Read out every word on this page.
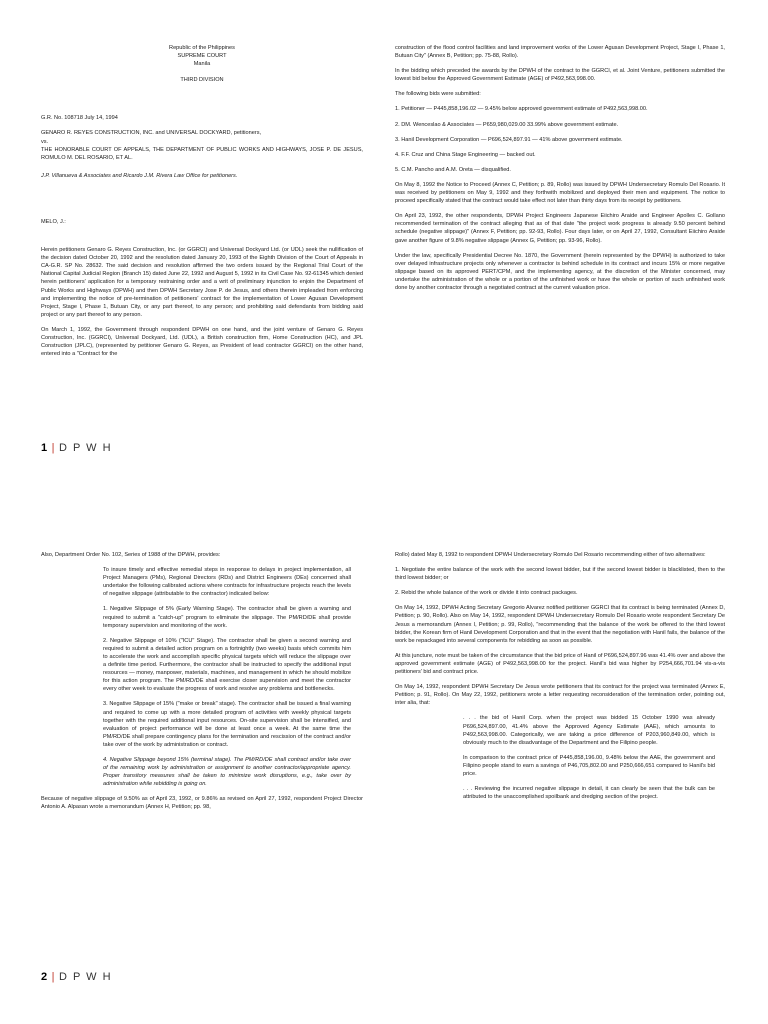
Republic of the Philippines

SUPREME COURT

Manila

THIRD DIVISION

G.R. No. 108718 July 14, 1994

GENARO R. REYES CONSTRUCTION, INC. and UNIVERSAL DOCKYARD, petitioners,

vs.

THE HONORABLE COURT OF APPEALS, THE DEPARTMENT OF PUBLIC WORKS AND HIGHWAYS, JOSE P. DE JESUS, ROMULO M. DEL ROSARIO, ET AL.

J.P. Villanueva & Associates and Ricardo J.M. Rivera Law Office for petitioners.

MELO, J.:

Herein petitioners Genaro G. Reyes Construction, Inc. (or GGRCI) and Universal Dockyard Ltd. (or UDL) seek the nullification of the decision dated October 20, 1992 and the resolution dated January 20, 1993 of the Eighth Division of the Court of Appeals in CA-G.R. SP No. 28632. The said decision and resolution affirmed the two orders issued by the Regional Trial Court of the National Capital Judicial Region (Branch 15) dated June 22, 1992 and August 5, 1992 in its Civil Case No. 92-61345 which denied herein petitioners' application for a temporary restraining order and a writ of preliminary injunction to enjoin the Department of Public Works and Highways (DPWH) and then DPWH Secretary Jose P. de Jesus, and others therein impleaded from enforcing and implementing the notice of pre-termination of petitioners' contract for the implementation of Lower Agusan Development Project, Stage I, Phase 1, Butuan City, or any part thereof, to any person; and prohibiting said defendants from bidding said project or any part thereof to any person.

On March 1, 1992, the Government through respondent DPWH on one hand, and the joint venture of Genaro G. Reyes Construction, Inc. (GGRCI), Universal Dockyard, Ltd. (UDL), a British construction firm, Home Construction (HC), and JPL Construction (JPLC), (represented by petitioner Genaro G. Reyes, as President of lead contractor GGRCI) on the other hand, entered into a "Contract for the

construction of the flood control facilities and land improvement works of the Lower Agusan Development Project, Stage I, Phase 1, Butuan City" (Annex B, Petition; pp. 75-88, Rollo).

In the bidding which preceded the awards by the DPWH of the contract to the GGRCI, et al. Joint Venture, petitioners submitted the lowest bid below the Approved Government Estimate (AGE) of P492,563,998.00.

The following bids were submitted:

1. Petitioner — P445,858,196.02 — 9.45% below approved government estimate of P492,563,998.00.

2. DM. Wenceslao & Associates — P659,980,029.00 33.99% above government estimate.

3. Hanil Development Corporation — P696,524,897.91 — 41% above government estimate.

4. F.F. Cruz and China Stage Engineering — backed out.

5. C.M. Pancho and A.M. Oreta — disqualified.

On May 8, 1992 the Notice to Proceed (Annex C, Petition; p. 89, Rollo) was issued by DPWH Undersecretary Romulo Del Rosario. It was received by petitioners on May 9, 1992 and they forthwith mobilized and deployed their men and equipment. The notice to proceed specifically stated that the contract would take effect not later than thirty days from its receipt by petitioners.

On April 23, 1992, the other respondents, DPWH Project Engineers Japanese Eiichiro Araide and Engineer Apolles C. Gollano recommended termination of the contract alleging that as of that date "the project work progress is already 9.50 percent behind schedule (negative slippage)" (Annex F, Petition; pp. 92-93, Rollo). Four days later, or on April 27, 1992, Consultant Eiichiro Araide gave another figure of 9.8% negative slippage (Annex G, Petition; pp. 93-96, Rollo).

Under the law, specifically Presidential Decree No. 1870, the Government (herein represented by the DPWH) is authorized to take over delayed infrastructure projects only whenever a contractor is behind schedule in its contract and incurs 15% or more negative slippage based on its approved PERT/CPM, and the implementing agency, at the discretion of the Minister concerned, may undertake the administration of the whole or a portion of the unfinished work or have the whole or portion of such unfinished work done by another contractor through a negotiated contract at the current valuation price.

1 | D P W H

Also, Department Order No. 102, Series of 1988 of the DPWH, provides:

To insure timely and effective remedial steps in response to delays in project implementation, all Project Managers (PMs), Regional Directors (RDs) and District Engineers (DEs) concerned shall undertake the following calibrated actions where contracts for infrastructure projects reach the levels of negative slippage (attributable to the contractor) indicated below:

1. Negative Slippage of 5% (Early Warning Stage). The contractor shall be given a warning and required to submit a "catch-up" program to eliminate the slippage. The PM/RD/DE shall provide temporary supervision and monitoring of the work.

2. Negative Slippage of 10% ("ICU" Stage). The contractor shall be given a second warning and required to submit a detailed action program on a fortnightly (two weeks) basis which commits him to accelerate the work and accomplish specific physical targets which will reduce the slippage over a definite time period. Furthermore, the contractor shall be instructed to specify the additional input resources — money, manpower, materials, machines, and management in which he should mobilize for this action program. The PM/RD/DE shall exercise closer supervision and meet the contractor every other week to evaluate the progress of work and resolve any problems and bottlenecks.

3. Negative Slippage of 15% ("make or break" stage). The contractor shall be issued a final warning and required to come up with a more detailed program of activities with weekly physical targets together with the required additional input resources. On-site supervision shall be intensified, and evaluation of project performance will be done at least once a week. At the same time the PM/RD/DE shall prepare contingency plans for the termination and rescission of the contract and/or take over of the work by administration or contract.

4. Negative Slippage beyond 15% (terminal stage). The PM/RD/DE shall contract and/or take over of the remaining work by administration or assignment to another contractor/appropriate agency. Proper transitory measures shall be taken to minimize work disruptions, e.g., take over by administration while rebidding is going on.

Because of negative slippage of 9.50% as of April 23, 1992, or 9.86% as revised on April 27, 1992, respondent Project Director Antonio A. Alpasan wrote a memorandum (Annex H, Petition; pp. 98,

Rollo) dated May 8, 1992 to respondent DPWH Undersecretary Romulo Del Rosario recommending either of two alternatives:

1. Negotiate the entire balance of the work with the second lowest bidder, but if the second lowest bidder is blacklisted, then to the third lowest bidder; or

2. Rebid the whole balance of the work or divide it into contract packages.

On May 14, 1992, DPWH Acting Secretary Gregorio Alvarez notified petitioner GGRCI that its contract is being terminated (Annex D, Petition; p. 90, Rollo). Also on May 14, 1992, respondent DPWH Undersecretary Romulo Del Rosario wrote respondent Secretary De Jesus a memorandum (Annex I, Petition; p. 99, Rollo), "recommending that the balance of the work be offered to the third lowest bidder, the Korean firm of Hanil Development Corporation and that in the event that the negotiation with Hanil fails, the balance of the work be repackaged into several components for rebidding as soon as possible.

At this juncture, note must be taken of the circumstance that the bid price of Hanil of P696,524,897.96 was 41.4% over and above the approved government estimate (AGE) of P492,563,998.00 for the project. Hanil's bid was higher by P254,666,701.94 vis-a-vis petitioners' bid and contract price.

On May 14, 1992, respondent DPWH Secretary De Jesus wrote petitioners that its contract for the project was terminated (Annex E, Petition; p. 91, Rollo). On May 22, 1992, petitioners wrote a letter requesting reconsideration of the termination order, pointing out, inter alia, that:

. . . the bid of Hanil Corp. when the project was bidded 15 October 1990 was already P696,524,897.00, 41.4% above the Approved Agency Estimate (AAE), which amounts to P492,563,998.00. Categorically, we are taking a price difference of P203,960,849.00, which is obviously much to the disadvantage of the Department and the Filipino people.

In comparison to the contract price of P445,858,196.00, 9.48% below the AAE, the government and Filipino people stand to earn a savings of P46,705,802.00 and P250,666,651 compared to Hanil's bid price.

. . . Reviewing the incurred negative slippage in detail, it can clearly be seen that the bulk can be attributed to the unaccomplished spoilbank and dredging section of the project.

2 | D P W H
